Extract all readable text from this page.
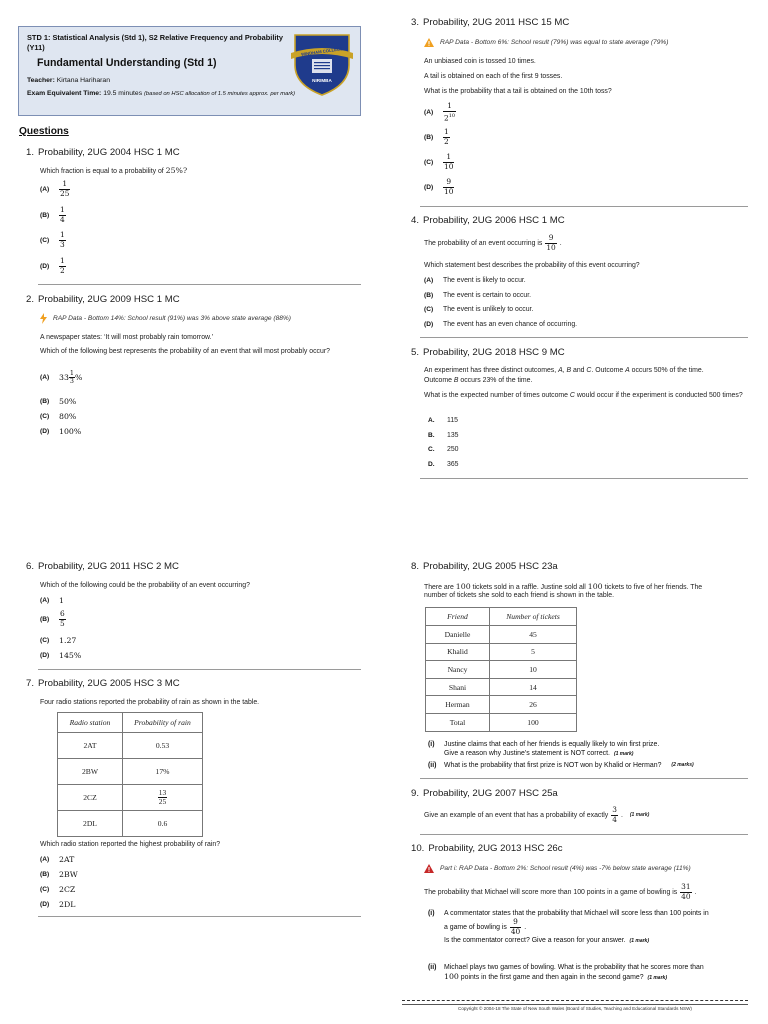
STD 1: Statistical Analysis (Std 1), S2 Relative Frequency and Probability (Y11)
Fundamental Understanding (Std 1)
Teacher: Kirtana Hariharan
Exam Equivalent Time: 19.5 minutes (based on HSC allocation of 1.5 minutes approx. per mark)
WINDHAM COLLEGE
NIRIMBA
Questions
1. Probability, 2UG 2004 HSC 1 MC
Which fraction is equal to a probability of 25%?
(A)	$\frac{1}{25}$
(B)	$\frac{1}{4}$
(C)	$\frac{1}{3}$
(D)	$\frac{1}{2}$
2. Probability, 2UG 2009 HSC 1 MC
RAP Data - Bottom 14%: School result (91%) was 3% above state average (88%)
A newspaper states: ‘It will most probably rain tomorrow.’
Which of the following best represents the probability of an event that will most probably occur?
(A)	$33 \frac{1}{3}$ %
(B)	50%
(C)	80%
(D)	100%
3. Probability, 2UG 2011 HSC 15 MC
RAP Data - Bottom 6%: School result (79%) was equal to state average (79%)
An unbiased coin is tossed 10 times.
A tail is obtained on each of the first 9 tosses.
What is the probability that a tail is obtained on the 10th toss?
(A)	$\frac{1}{2^{10}}$
(B)	$\frac{1}{2}$
(C)	$\frac{1}{10}$
(D)	$\frac{9}{10}$
4. Probability, 2UG 2006 HSC 1 MC
The probability of an event occurring is $\frac{9}{10}$ .
Which statement best describes the probability of this event occurring?
(A)	The event is likely to occur.
(B)	The event is certain to occur.
(C)	The event is unlikely to occur.
(D)	The event has an even chance of occurring.
5. Probability, 2UG 2018 HSC 9 MC
An experiment has three distinct outcomes, A, B and C. Outcome A occurs 50% of the time.
Outcome B occurs 23% of the time.
What is the expected number of times outcome C would occur if the experiment is conducted 500 times?
A.	115
B.	135
C.	250
D.	365
6. Probability, 2UG 2011 HSC 2 MC
Which of the following could be the probability of an event occurring?
(A)	1
(B)	$\frac{6}{5}$
(C)	1.27
(D)	145%
7. Probability, 2UG 2005 HSC 3 MC
Four radio stations reported the probability of rain as shown in the table.
Radio station	Probability of rain
2AT	0.53
2BW	17%
2CZ	$\frac{13}{25}$

2DL	0.6
Which radio station reported the highest probability of rain?
(A)	2AT
(B)	2BW
(C)	2CZ
(D)	2DL
8. Probability, 2UG 2005 HSC 23a
There are 100 tickets sold in a raffle. Justine sold all 100 tickets to five of her friends. The
number of tickets she sold to each friend is shown in the table.
Friend	Number of tickets
Danielle	45
Khalid	5
Nancy	10
Shani	14
Herman	26
Total	100
(i)	Justine claims that each of her friends is equally likely to win first prize.
Give a reason why Justine’s statement is NOT correct. (1 mark)
(ii) What is the probability that first prize is NOT won by Khalid or Herman? (2 marks)
9. Probability, 2UG 2007 HSC 25a
Give an example of an event that has a probability of exactly $\frac{3}{4}$ . (1 mark)
10. Probability, 2UG 2013 HSC 26c
Part i: RAP Data - Bottom 2%: School result (4%) was -7% below state average (11%)
The probability that Michael will score more than 100 points in a game of bowling is $\frac{31}{40}$ .
(i)	A commentator states that the probability that Michael will score less than 100 points in
a game of bowling is $\frac{9}{40}$ .
Is the commentator correct? Give a reason for your answer. (1 mark)
(ii) Michael plays two games of bowling. What is the probability that he scores more than
100 points in the first game and then again in the second game? (1 mark)
Copyright © 2004-18 The State of New South Wales (Board of Studies, Teaching and Educational Standards NSW)
